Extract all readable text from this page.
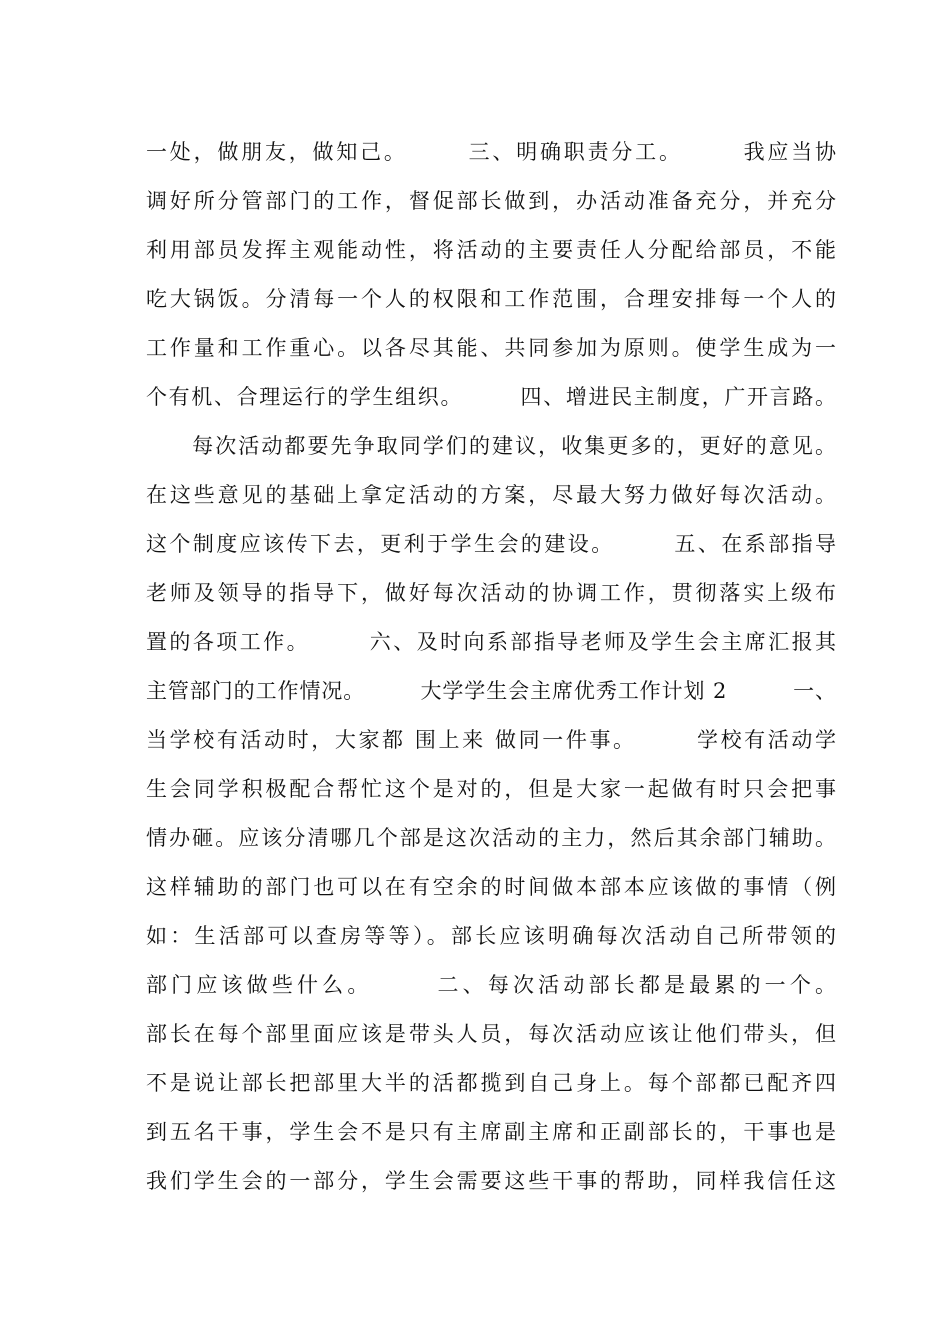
一处，做朋友，做知己。　　　三、明确职责分工。　　　我应当协
调好所分管部门的工作，督促部长做到，办活动准备充分，并充分
利用部员发挥主观能动性，将活动的主要责任人分配给部员，不能
吃大锅饭。分清每一个人的权限和工作范围，合理安排每一个人的
工作量和工作重心。以各尽其能、共同参加为原则。使学生成为一
个有机、合理运行的学生组织。　　　四、增进民主制度，广开言路。
　　每次活动都要先争取同学们的建议，收集更多的，更好的意见。
在这些意见的基础上拿定活动的方案，尽最大努力做好每次活动。
这个制度应该传下去，更利于学生会的建设。　　　五、在系部指导
老师及领导的指导下，做好每次活动的协调工作，贯彻落实上级布
置的各项工作。　　　六、及时向系部指导老师及学生会主席汇报其
主管部门的工作情况。　　　大学学生会主席优秀工作计划 2　　　一、
当学校有活动时，大家都 围上来 做同一件事。　　　学校有活动学
生会同学积极配合帮忙这个是对的，但是大家一起做有时只会把事
情办砸。应该分清哪几个部是这次活动的主力，然后其余部门辅助。
这样辅助的部门也可以在有空余的时间做本部本应该做的事情（例
如：生活部可以查房等等）。部长应该明确每次活动自己所带领的
部门应该做些什么。　　　二、每次活动部长都是最累的一个。
部长在每个部里面应该是带头人员，每次活动应该让他们带头，但
不是说让部长把部里大半的活都揽到自己身上。每个部都已配齐四
到五名干事，学生会不是只有主席副主席和正副部长的，干事也是
我们学生会的一部分，学生会需要这些干事的帮助，同样我信任这
